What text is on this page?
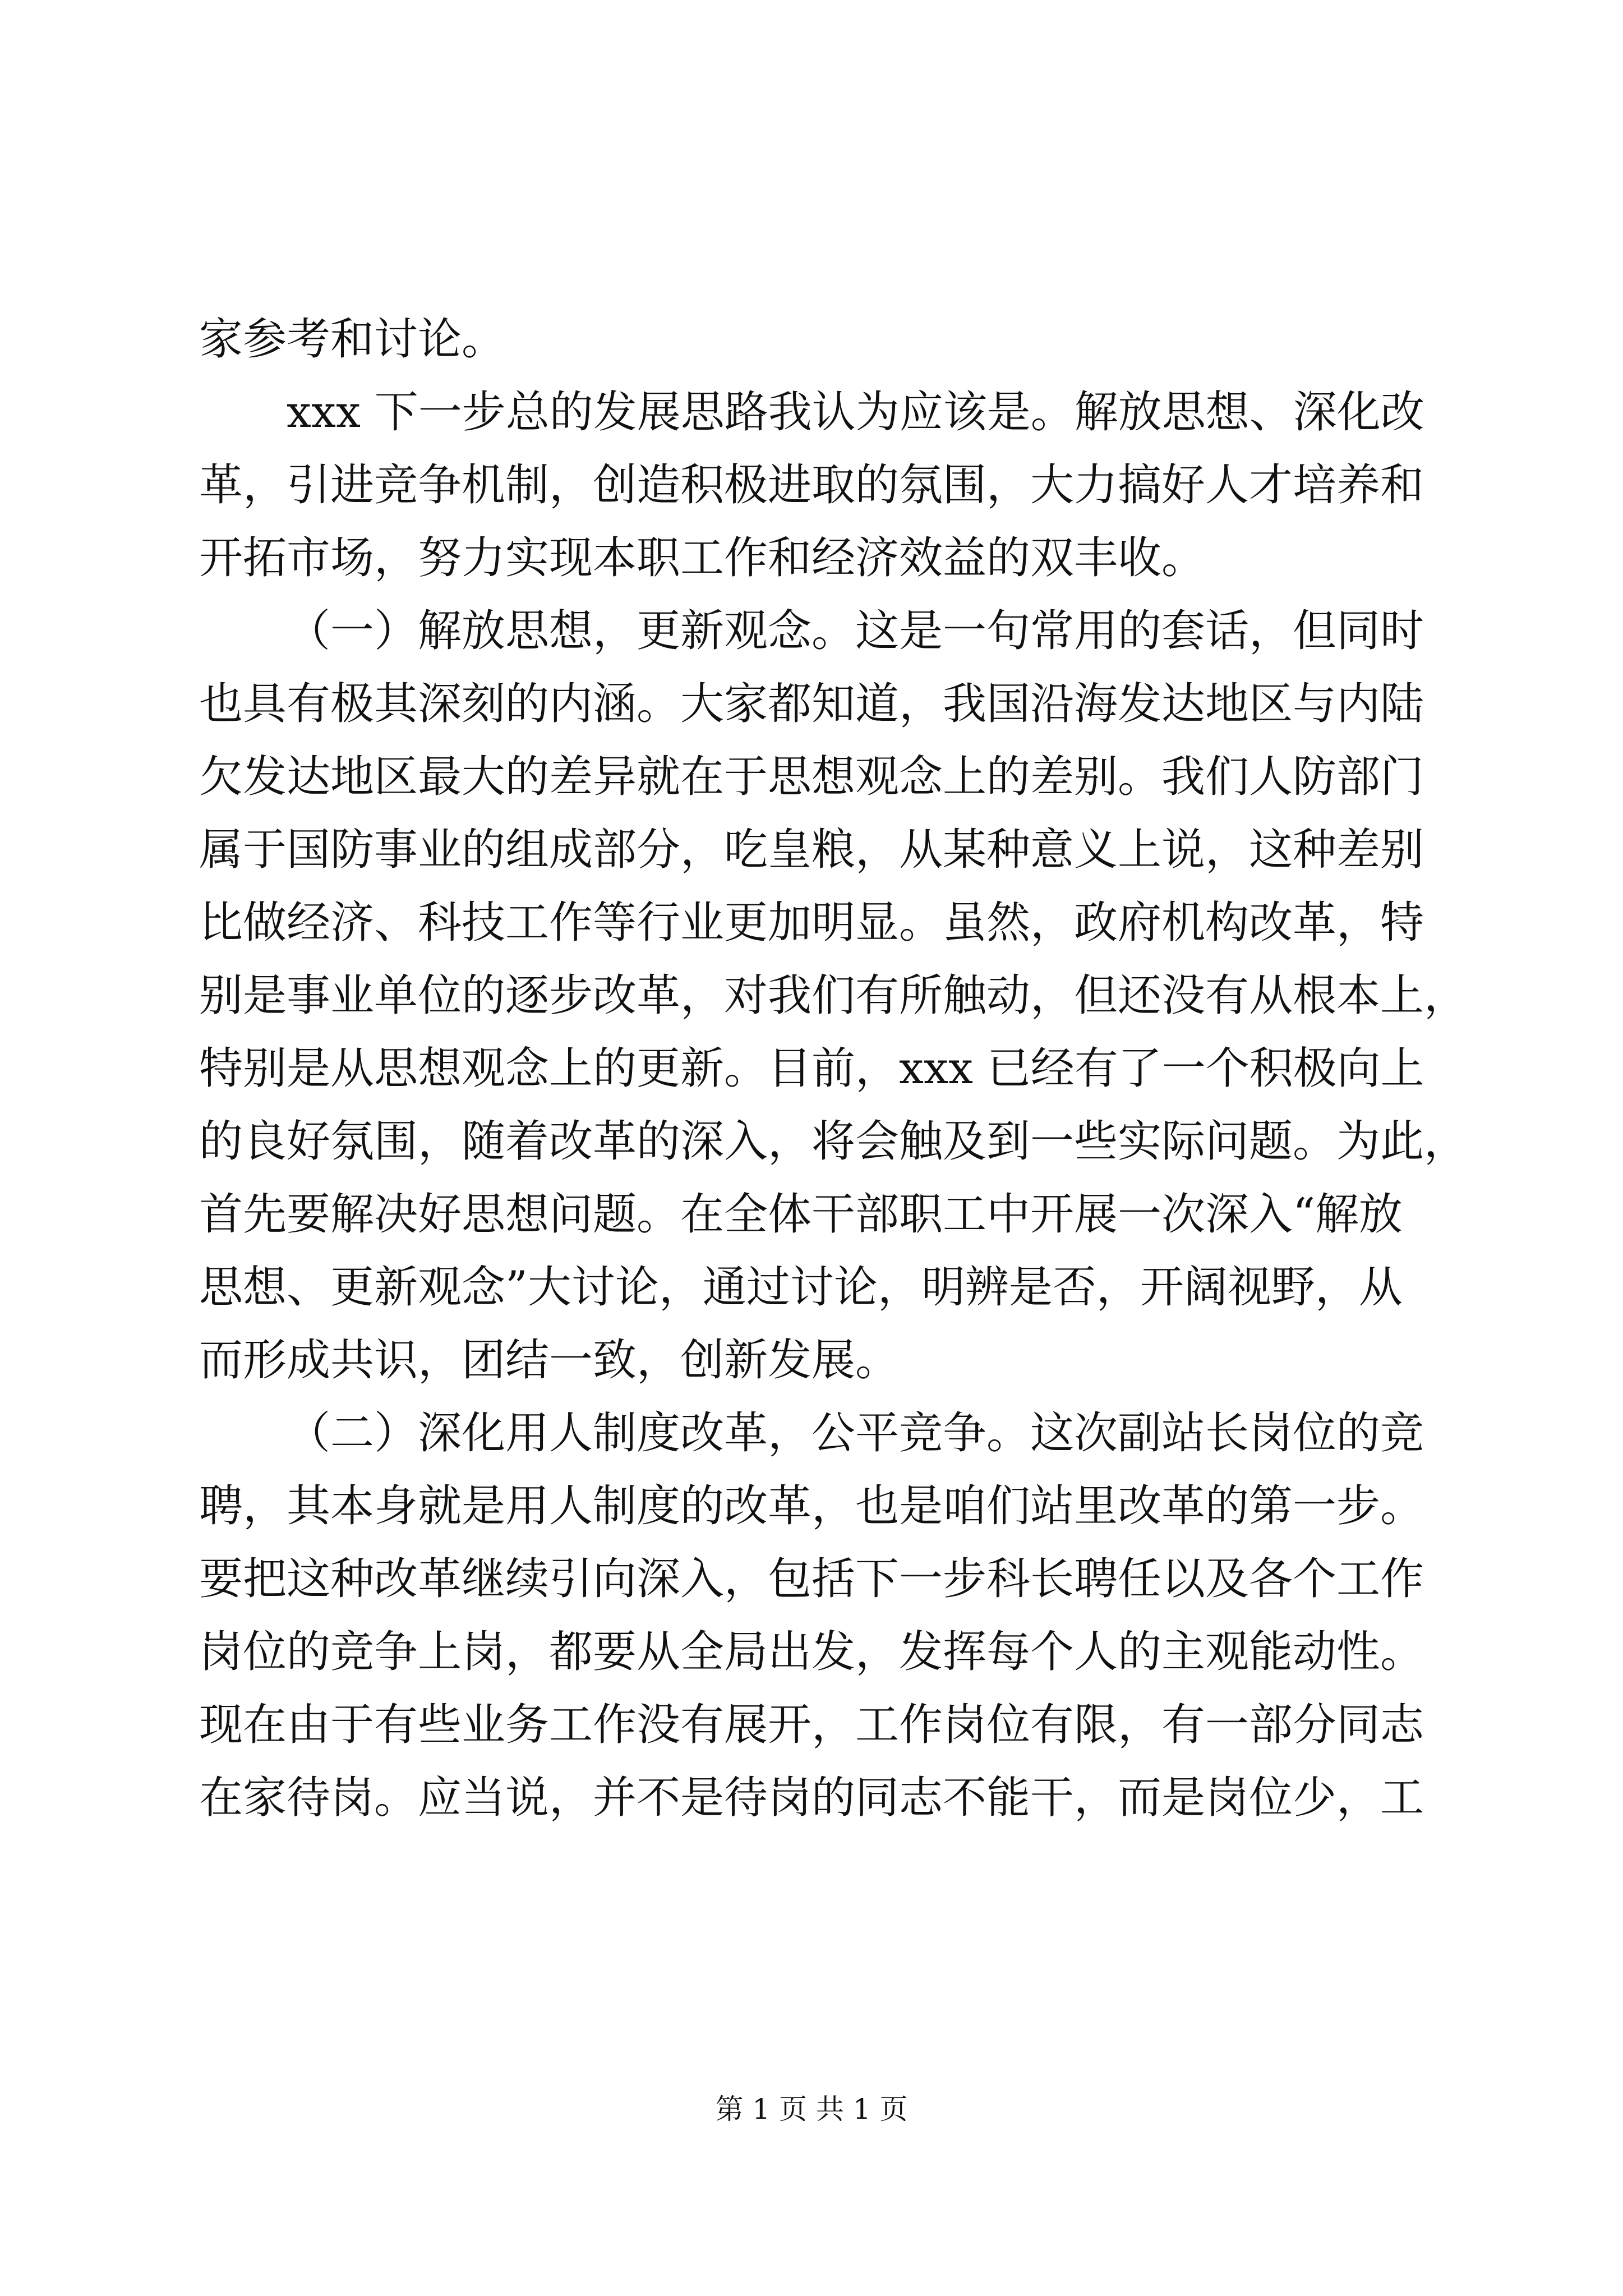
家参考和讨论。
xxx 下一步总的发展思路我认为应该是。解放思想、深化改
革，引进竞争机制，创造积极进取的氛围，大力搞好人才培养和
开拓市场，努力实现本职工作和经济效益的双丰收。
（一）解放思想，更新观念。这是一句常用的套话，但同时
也具有极其深刻的内涵。大家都知道，我国沿海发达地区与内陆
欠发达地区最大的差异就在于思想观念上的差别。我们人防部门
属于国防事业的组成部分，吃皇粮，从某种意义上说，这种差别
比做经济、科技工作等行业更加明显。虽然，政府机构改革，特
别是事业单位的逐步改革，对我们有所触动，但还没有从根本上，
特别是从思想观念上的更新。目前，xxx 已经有了一个积极向上
的良好氛围，随着改革的深入，将会触及到一些实际问题。为此，
首先要解决好思想问题。在全体干部职工中开展一次深入“解放
思想、更新观念”大讨论，通过讨论，明辨是否，开阔视野，从
而形成共识，团结一致，创新发展。
（二）深化用人制度改革，公平竞争。这次副站长岗位的竞
聘，其本身就是用人制度的改革，也是咱们站里改革的第一步。
要把这种改革继续引向深入，包括下一步科长聘任以及各个工作
岗位的竞争上岗，都要从全局出发，发挥每个人的主观能动性。
现在由于有些业务工作没有展开，工作岗位有限，有一部分同志
在家待岗。应当说，并不是待岗的同志不能干，而是岗位少，工
第 1 页 共 1 页
